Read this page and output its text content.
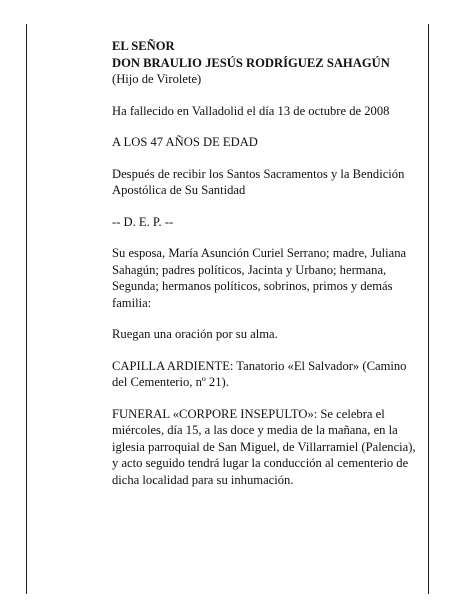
EL SEÑOR
DON BRAULIO JESÚS RODRÍGUEZ SAHAGÚN
(Hijo de Virolete)

Ha fallecido en Valladolid el día 13 de octubre de 2008

A LOS 47 AÑOS DE EDAD

Después de recibir los Santos Sacramentos y la Bendición Apostólica de Su Santidad

-- D. E. P. --

Su esposa, María Asunción Curiel Serrano; madre, Juliana Sahagún; padres políticos, Jacinta y Urbano; hermana, Segunda; hermanos políticos, sobrinos, primos y demás familia:

Ruegan una oración por su alma.

CAPILLA ARDIENTE: Tanatorio «El Salvador» (Camino del Cementerio, nº 21).

FUNERAL «CORPORE INSEPULTO»: Se celebra el miércoles, día 15, a las doce y media de la mañana, en la iglesia parroquial de San Miguel, de Villarramiel (Palencia), y acto seguido tendrá lugar la conducción al cementerio de dicha localidad para su inhumación.
